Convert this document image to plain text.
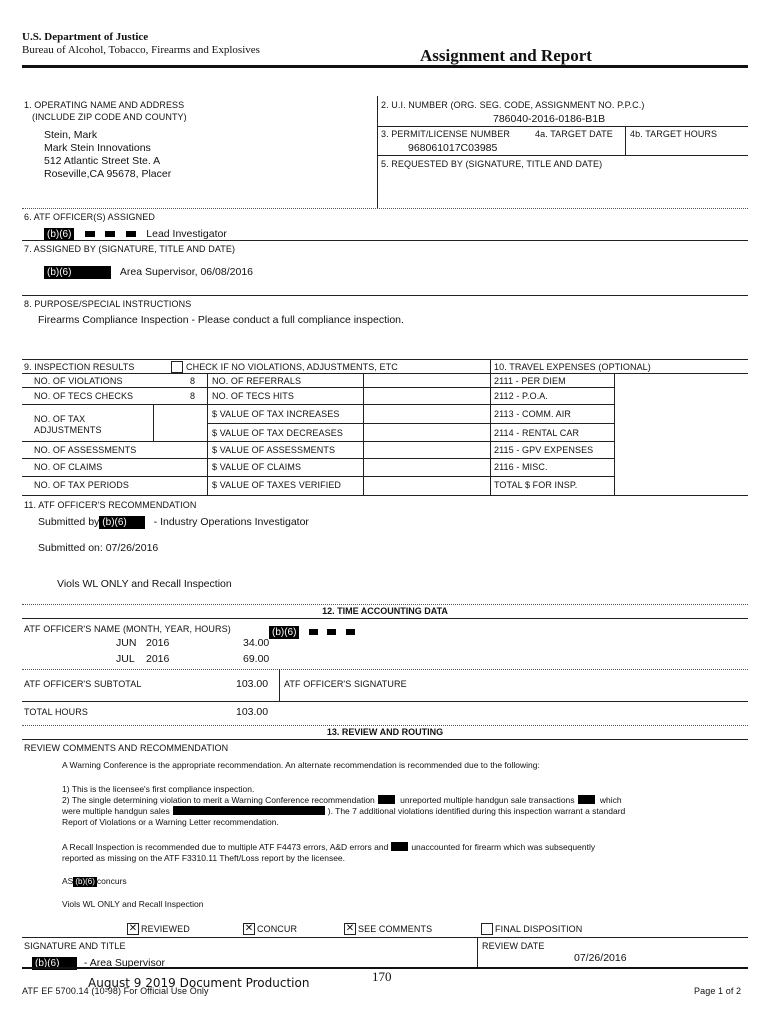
U.S. Department of Justice
Bureau of Alcohol, Tobacco, Firearms and Explosives	Assignment and Report
1. OPERATING NAME AND ADDRESS
(INCLUDE ZIP CODE AND COUNTY)
Stein, Mark
Mark Stein Innovations
512 Atlantic Street Ste. A
Roseville,CA 95678, Placer
2. U.I. NUMBER (ORG. SEG. CODE, ASSIGNMENT NO. P.P.C.)
786040-2016-0186-B1B
3. PERMIT/LICENSE NUMBER	4a. TARGET DATE 4b. TARGET HOURS
968061017C03985
5. REQUESTED BY (SIGNATURE, TITLE AND DATE)
6. ATF OFFICER(S) ASSIGNED
(b)(6)	Lead Investigator
7. ASSIGNED BY (SIGNATURE, TITLE AND DATE)
(b)(6)	Area Supervisor, 06/08/2016
8. PURPOSE/SPECIAL INSTRUCTIONS
Firearms Compliance Inspection - Please conduct a full compliance inspection.
9. INSPECTION RESULTS	CHECK IF NO VIOLATIONS, ADJUSTMENTS, ETC	10. TRAVEL EXPENSES (OPTIONAL)
NO. OF VIOLATIONS	8 NO. OF REFERRALS	2111 - PER DIEM
NO. OF TECS CHECKS	8 NO. OF TECS HITS	2112 - P.O.A.
NO. OF TAX ADJUSTMENTS
$ VALUE OF TAX INCREASES	2113 - COMM. AIR
$ VALUE OF TAX DECREASES	2114 - RENTAL CAR
NO. OF ASSESSMENTS	$ VALUE OF ASSESSMENTS	2115 - GPV EXPENSES
NO. OF CLAIMS	$ VALUE OF CLAIMS	2116 - MISC.
NO. OF TAX PERIODS	$ VALUE OF TAXES VERIFIED	TOTAL $ FOR INSP.
11. ATF OFFICER'S RECOMMENDATION
Submitted by (b)(6)	- Industry Operations Investigator
Submitted on: 07/26/2016
Viols WL ONLY and Recall Inspection
12. TIME ACCOUNTING DATA
ATF OFFICER'S NAME (MONTH, YEAR, HOURS)	(b)(6)
JUN 2016	34.00
JUL 2016	69.00
ATF OFFICER'S SUBTOTAL	103.00 ATF OFFICER'S SIGNATURE
TOTAL HOURS	103.00
13. REVIEW AND ROUTING
REVIEW COMMENTS AND RECOMMENDATION
A Warning Conference is the appropriate recommendation. An alternate recommendation is recommended due to the following:
1) This is the licensee's first compliance inspection.
2) The single determining violation to merit a Warning Conference recommendation	unreported multiple handgun sale transactions	which
were multiple handgun sales	). The 7 additional violations identified during this inspection warrant a standard
Report of Violations or a Warning Letter recommendation.
A Recall Inspection is recommended due to multiple ATF F4473 errors, A&D errors and	unaccounted for firearm which was subsequently
reported as missing on the ATF F3310.11 Theft/Loss report by the licensee.
AS (b)(6) concurs
Viols WL ONLY and Recall Inspection
✕ REVIEWED	✕ CONCUR	✕ SEE COMMENTS	FINAL DISPOSITION
SIGNATURE AND TITLE
(b)(6) - Area Supervisor
REVIEW DATE
07/26/2016
170
August 9 2019 Document Production
ATF EF 5700.14 (10-98) For Official Use Only	Page 1 of 2
